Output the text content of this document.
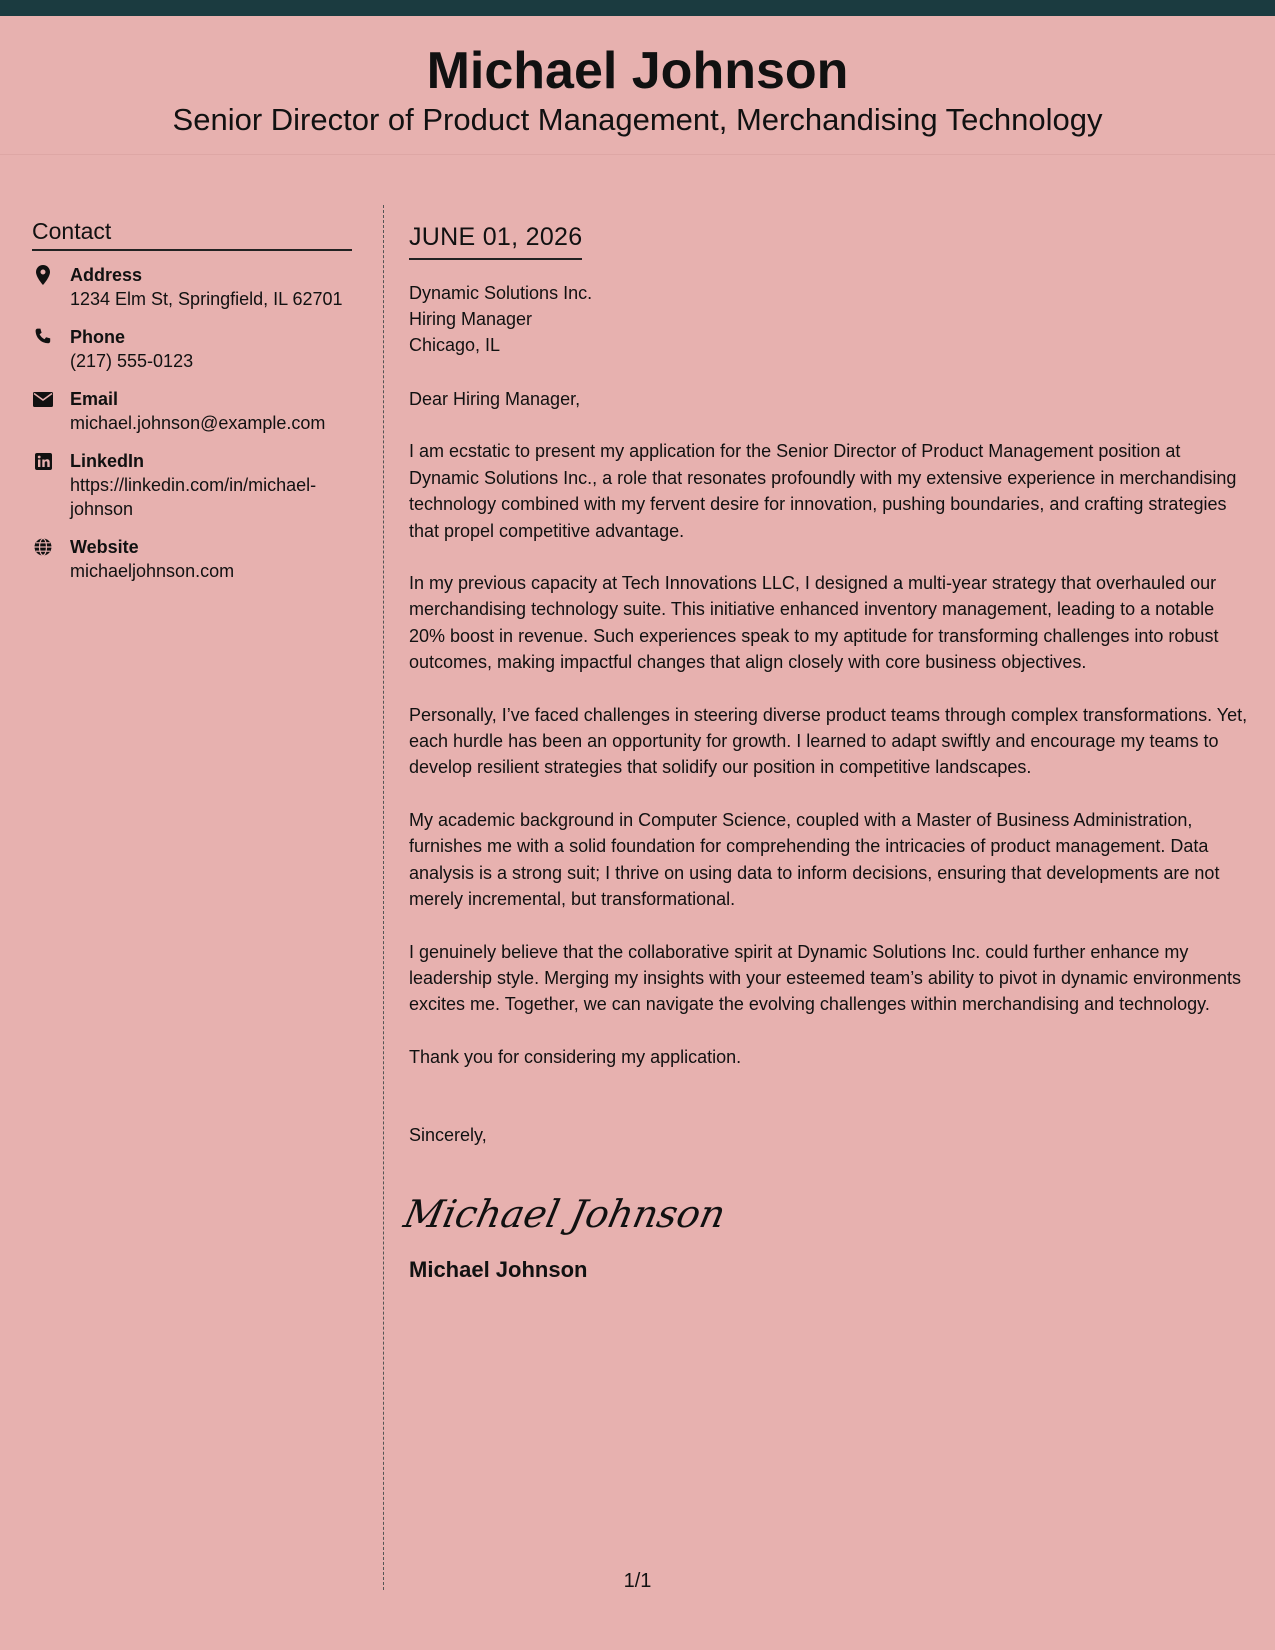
Michael Johnson
Senior Director of Product Management, Merchandising Technology
Contact
Address
1234 Elm St, Springfield, IL 62701
Phone
(217) 555-0123
Email
michael.johnson@example.com
LinkedIn
https://linkedin.com/in/michael-johnson
Website
michaeljohnson.com
JUNE 01, 2026
Dynamic Solutions Inc.
Hiring Manager
Chicago, IL
Dear Hiring Manager,

I am ecstatic to present my application for the Senior Director of Product Management position at Dynamic Solutions Inc., a role that resonates profoundly with my extensive experience in merchandising technology combined with my fervent desire for innovation, pushing boundaries, and crafting strategies that propel competitive advantage.

In my previous capacity at Tech Innovations LLC, I designed a multi-year strategy that overhauled our merchandising technology suite. This initiative enhanced inventory management, leading to a notable 20% boost in revenue. Such experiences speak to my aptitude for transforming challenges into robust outcomes, making impactful changes that align closely with core business objectives.

Personally, I’ve faced challenges in steering diverse product teams through complex transformations. Yet, each hurdle has been an opportunity for growth. I learned to adapt swiftly and encourage my teams to develop resilient strategies that solidify our position in competitive landscapes.

My academic background in Computer Science, coupled with a Master of Business Administration, furnishes me with a solid foundation for comprehending the intricacies of product management. Data analysis is a strong suit; I thrive on using data to inform decisions, ensuring that developments are not merely incremental, but transformational.

I genuinely believe that the collaborative spirit at Dynamic Solutions Inc. could further enhance my leadership style. Merging my insights with your esteemed team’s ability to pivot in dynamic environments excites me. Together, we can navigate the evolving challenges within merchandising and technology.

Thank you for considering my application.

Sincerely,
Michael Johnson
Michael Johnson
1/1
